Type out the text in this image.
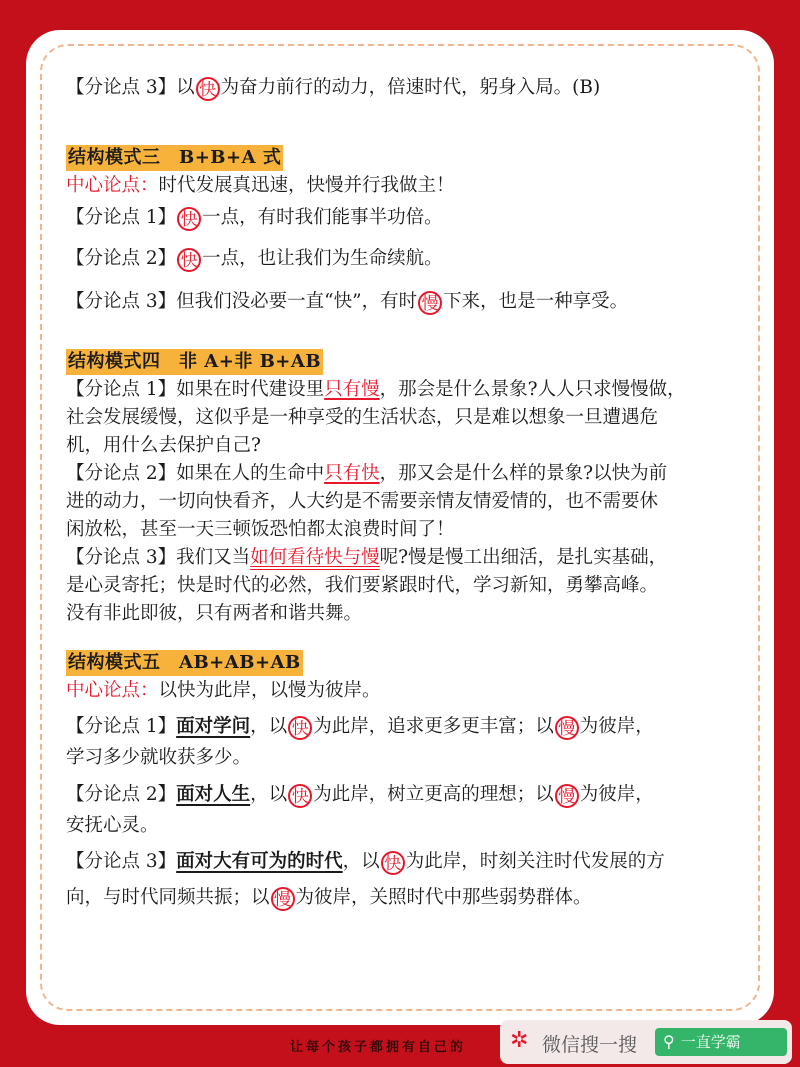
【分论点 3】以 快 为奋力前行的动力，倍速时代，躬身入局。(B)
结构模式三　B+B+A 式
中心论点：时代发展真迅速，快慢并行我做主！
【分论点 1】 快 一点，有时我们能事半功倍。
【分论点 2】 快 一点，也让我们为生命续航。
【分论点 3】但我们没必要一直“快”，有时 慢 下来，也是一种享受。
结构模式四　非 A+非 B+AB
【分论点 1】如果在时代建设里只有慢，那会是什么景象?人人只求慢慢做，
社会发展缓慢，这似乎是一种享受的生活状态，只是难以想象一旦遭遇危
机，用什么去保护自己?
【分论点 2】如果在人的生命中只有快，那又会是什么样的景象?以快为前
进的动力，一切向快看齐，人大约是不需要亲情友情爱情的，也不需要休
闲放松，甚至一天三顿饭恐怕都太浪费时间了！
【分论点 3】我们又当如何看待快与慢呢?慢是慢工出细活，是扎实基础，
是心灵寄托；快是时代的必然，我们要紧跟时代，学习新知，勇攀高峰。
没有非此即彼，只有两者和谐共舞。
结构模式五　AB+AB+AB
中心论点：以快为此岸，以慢为彼岸。
【分论点 1】面对学问，以 快 为此岸，追求更多更丰富；以 慢 为彼岸，
学习多少就收获多少。
【分论点 2】面对人生，以 快 为此岸，树立更高的理想；以 慢 为彼岸，
安抚心灵。
【分论点 3】面对大有可为的时代，以 快 为此岸，时刻关注时代发展的方
向，与时代同频共振；以 慢 为彼岸，关照时代中那些弱势群体。
让每个孩子都拥有自己的 ✲ 微信搜一搜	⚲ 一直学霸
